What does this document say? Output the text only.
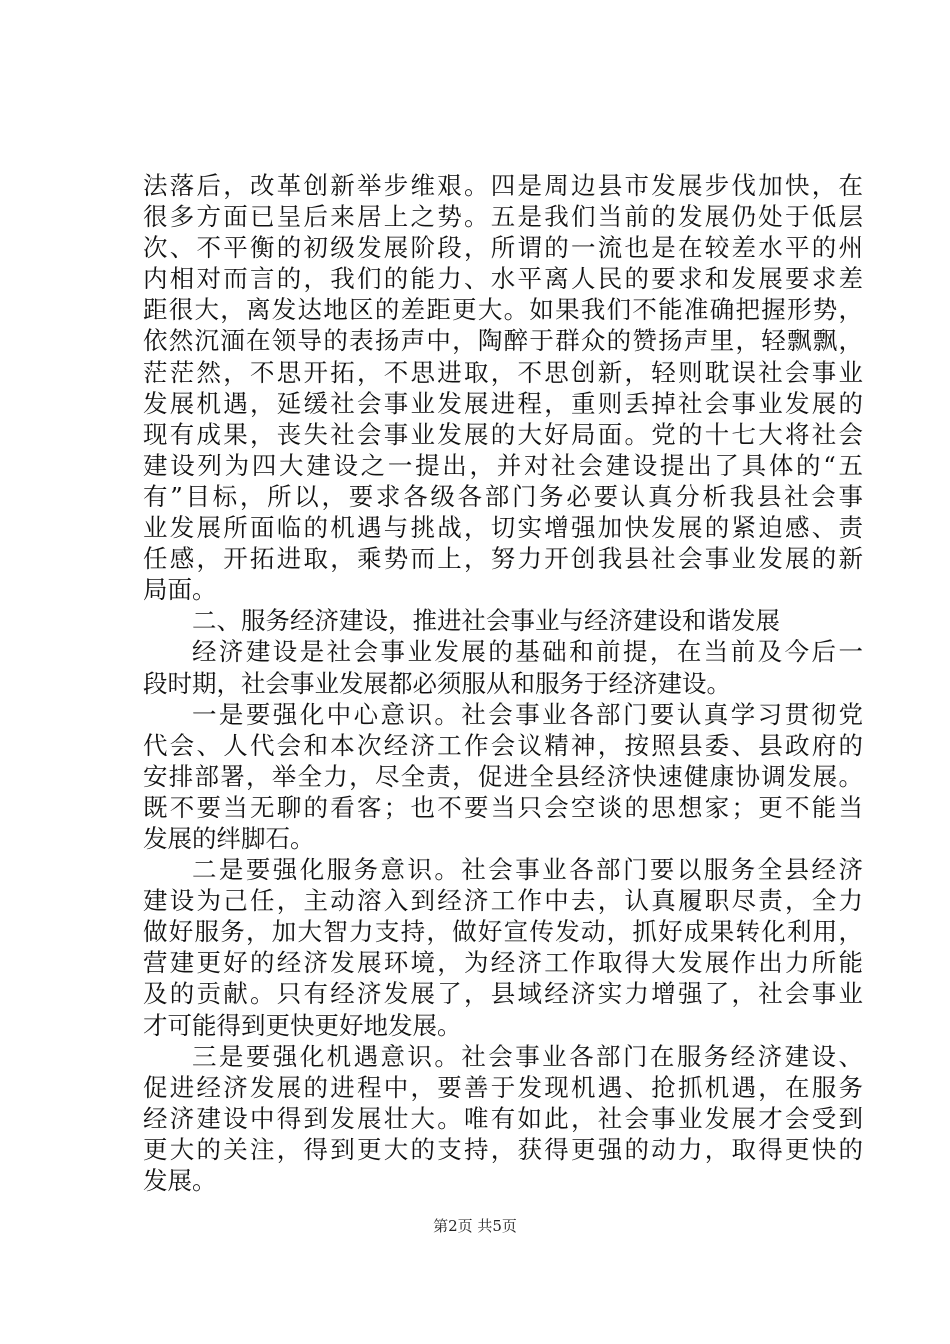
法落后，改革创新举步维艰。四是周边县市发展步伐加快，在
很多方面已呈后来居上之势。五是我们当前的发展仍处于低层
次、不平衡的初级发展阶段，所谓的一流也是在较差水平的州
内相对而言的，我们的能力、水平离人民的要求和发展要求差
距很大，离发达地区的差距更大。如果我们不能准确把握形势，
依然沉湎在领导的表扬声中，陶醉于群众的赞扬声里，轻飘飘，
茫茫然，不思开拓，不思进取，不思创新，轻则耽误社会事业
发展机遇，延缓社会事业发展进程，重则丢掉社会事业发展的
现有成果，丧失社会事业发展的大好局面。党的十七大将社会
建设列为四大建设之一提出，并对社会建设提出了具体的“五
有”目标，所以，要求各级各部门务必要认真分析我县社会事
业发展所面临的机遇与挑战，切实增强加快发展的紧迫感、责
任感，开拓进取，乘势而上，努力开创我县社会事业发展的新
局面。
二、服务经济建设，推进社会事业与经济建设和谐发展
经济建设是社会事业发展的基础和前提，在当前及今后一
段时期，社会事业发展都必须服从和服务于经济建设。
一是要强化中心意识。社会事业各部门要认真学习贯彻党
代会、人代会和本次经济工作会议精神，按照县委、县政府的
安排部署，举全力，尽全责，促进全县经济快速健康协调发展。
既不要当无聊的看客；也不要当只会空谈的思想家；更不能当
发展的绊脚石。
二是要强化服务意识。社会事业各部门要以服务全县经济
建设为己任，主动溶入到经济工作中去，认真履职尽责，全力
做好服务，加大智力支持，做好宣传发动，抓好成果转化利用，
营建更好的经济发展环境，为经济工作取得大发展作出力所能
及的贡献。只有经济发展了，县域经济实力增强了，社会事业
才可能得到更快更好地发展。
三是要强化机遇意识。社会事业各部门在服务经济建设、
促进经济发展的进程中，要善于发现机遇、抢抓机遇，在服务
经济建设中得到发展壮大。唯有如此，社会事业发展才会受到
更大的关注，得到更大的支持，获得更强的动力，取得更快的
发展。
第2页 共5页
